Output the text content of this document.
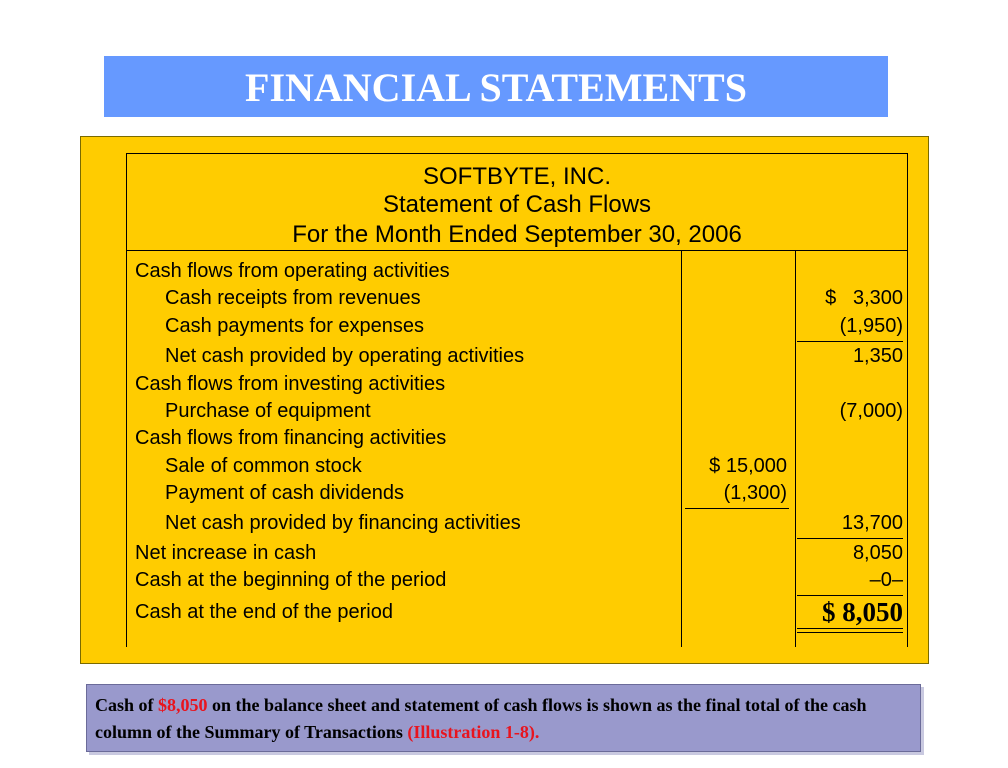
FINANCIAL STATEMENTS
SOFTBYTE, INC.
Statement of Cash Flows
For the Month Ended September 30, 2006
Cash flows from operating activities
Cash receipts from revenues	$   3,300
Cash payments for expenses	(1,950)
Net cash provided by operating activities	1,350
Cash flows from investing activities
Purchase of equipment	(7,000)
Cash flows from financing activities
Sale of common stock	$ 15,000
Payment of cash dividends	(1,300)
Net cash provided by financing activities	13,700
Net increase in cash	8,050
Cash at the beginning of the period	–0–
Cash at the end of the period	$ 8,050
Cash of $8,050 on the balance sheet and statement of cash flows is shown as the final total of the cash column of the Summary of Transactions (Illustration 1-8).
